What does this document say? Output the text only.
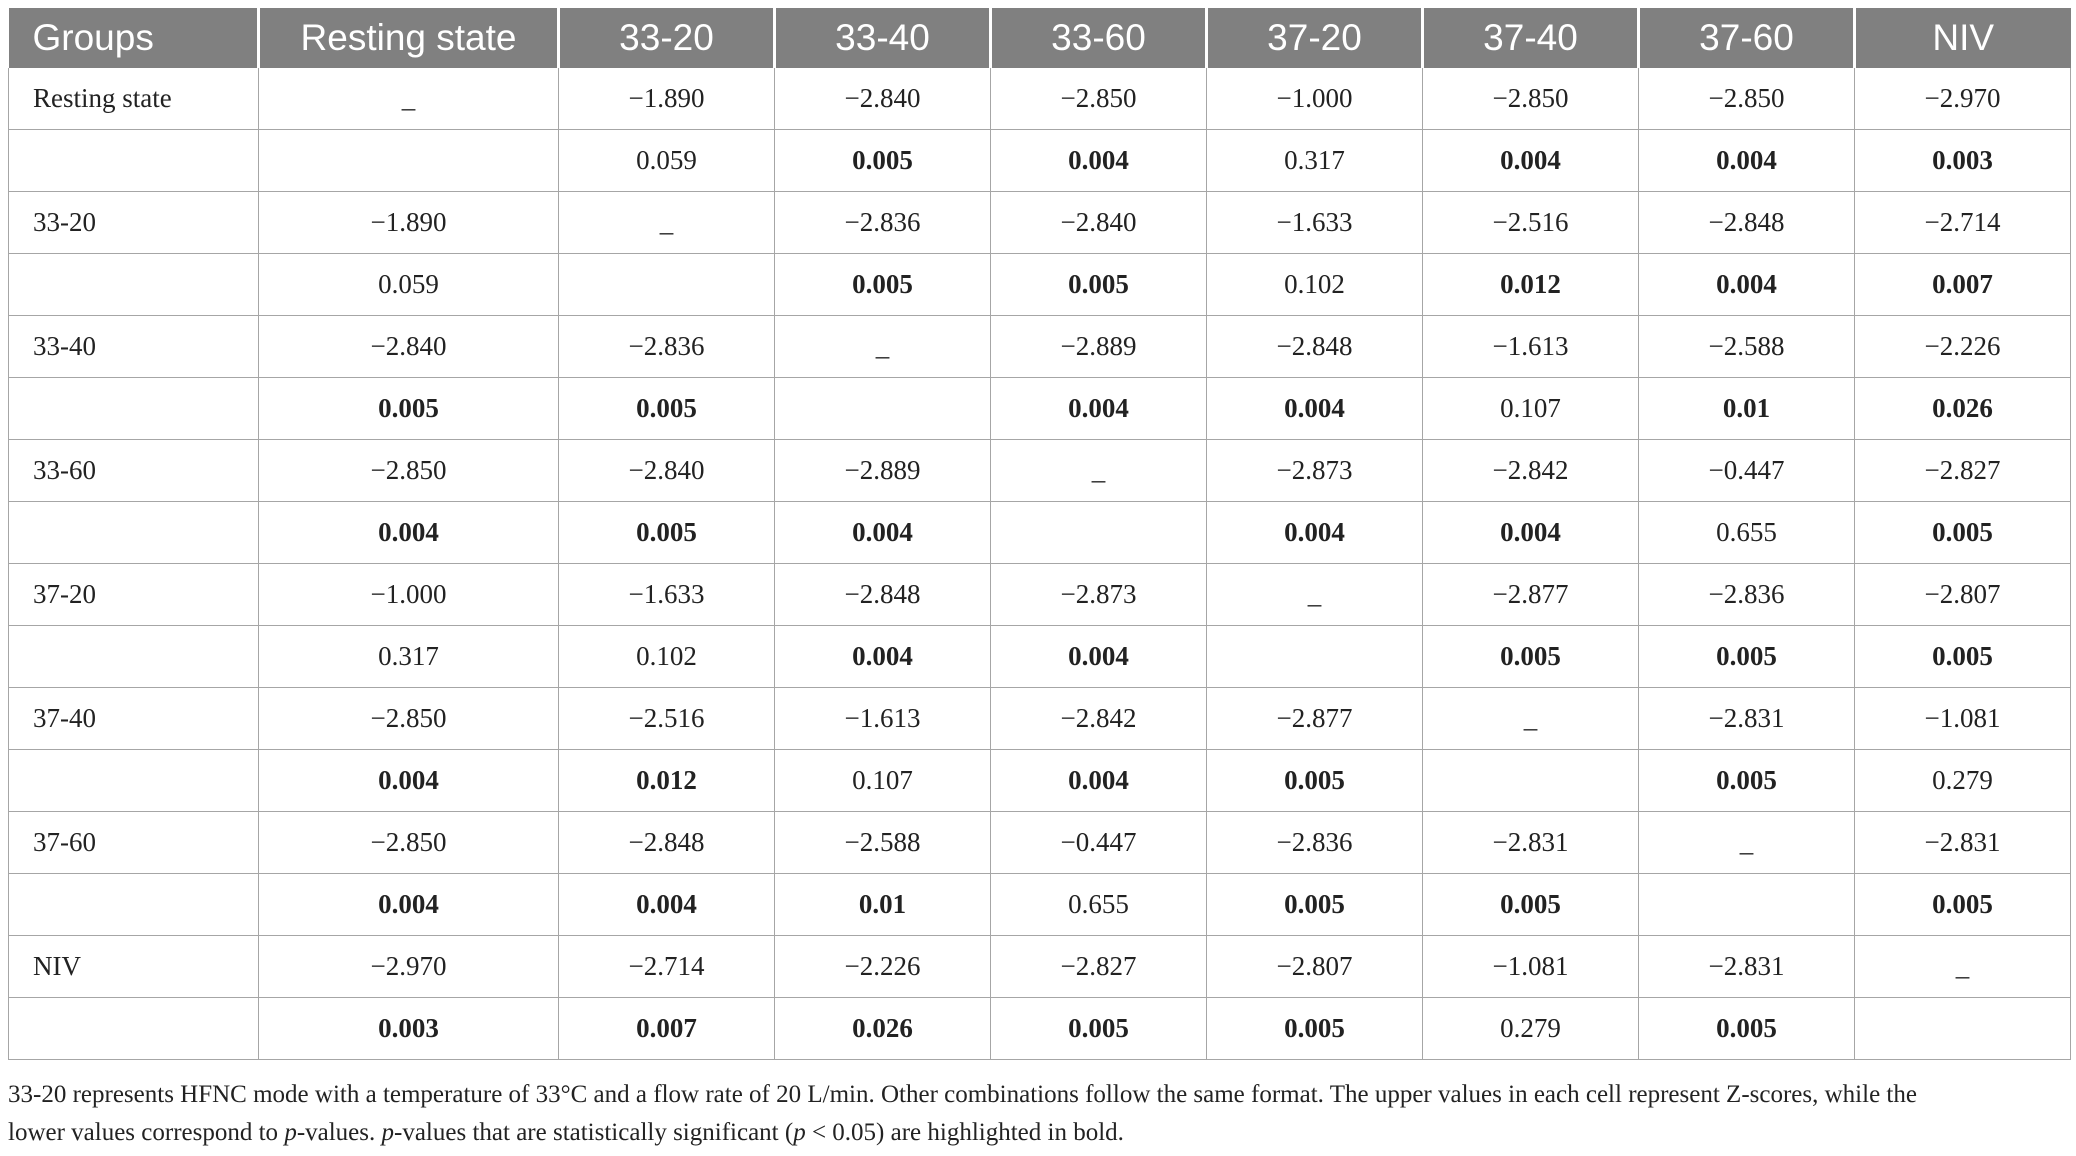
Groups	Resting state	33-20	33-40	33-60	37-20	37-40	37-60	NIV
Resting state	_	−1.890	−2.840	−2.850	−1.000	−2.850	−2.850	−2.970
		0.059	0.005	0.004	0.317	0.004	0.004	0.003
33-20	−1.890	_	−2.836	−2.840	−1.633	−2.516	−2.848	−2.714
	0.059		0.005	0.005	0.102	0.012	0.004	0.007
33-40	−2.840	−2.836	_	−2.889	−2.848	−1.613	−2.588	−2.226
	0.005	0.005		0.004	0.004	0.107	0.01	0.026
33-60	−2.850	−2.840	−2.889	_	−2.873	−2.842	−0.447	−2.827
	0.004	0.005	0.004		0.004	0.004	0.655	0.005
37-20	−1.000	−1.633	−2.848	−2.873	_	−2.877	−2.836	−2.807
	0.317	0.102	0.004	0.004		0.005	0.005	0.005
37-40	−2.850	−2.516	−1.613	−2.842	−2.877	_	−2.831	−1.081
	0.004	0.012	0.107	0.004	0.005		0.005	0.279
37-60	−2.850	−2.848	−2.588	−0.447	−2.836	−2.831	_	−2.831
	0.004	0.004	0.01	0.655	0.005	0.005		0.005
NIV	−2.970	−2.714	−2.226	−2.827	−2.807	−1.081	−2.831	_
	0.003	0.007	0.026	0.005	0.005	0.279	0.005	
33-20 represents HFNC mode with a temperature of 33°C and a flow rate of 20 L/min. Other combinations follow the same format. The upper values in each cell represent Z-scores, while the
lower values correspond to p-values. p-values that are statistically significant (p < 0.05) are highlighted in bold.
